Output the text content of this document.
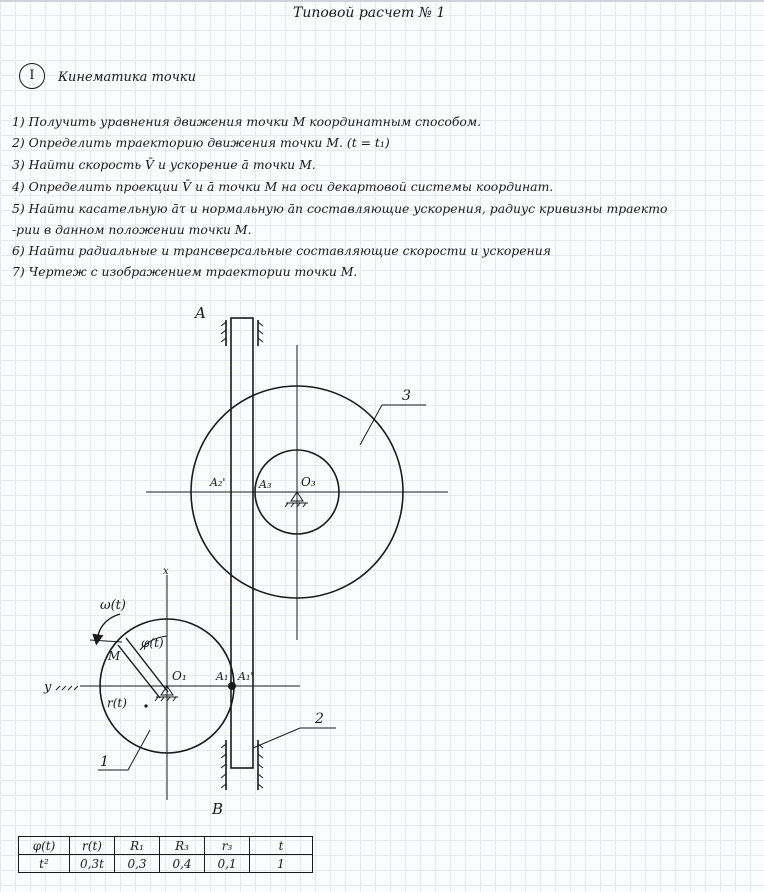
Типовой расчет № 1
I	Кинематика точки
1) Получить уравнения движения точки М координатным способом.
2) Определить траекторию движения точки М. (t = t₁)
3) Найти скорость V̄ и ускорение ā точки М.
4) Определить проекции V̄ и ā точки М на оси декартовой системы координат.
5) Найти касательную āτ и нормальную ān составляющие ускорения, радиус кривизны траекто
-рии в данном положении точки М.
6) Найти радиальные и трансверсальные составляющие скорости и ускорения
7) Чертеж с изображением траектории точки М.
A
B
x
y
ω(t)
φ(t)
M
r(t)
O₁	A₁ A₁'
O₃
A₃
A₂'
3
2
1
φ(t)	r(t)	R₁	R₃	r₃	t
t²	0,3t	0,3	0,4	0,1	1
